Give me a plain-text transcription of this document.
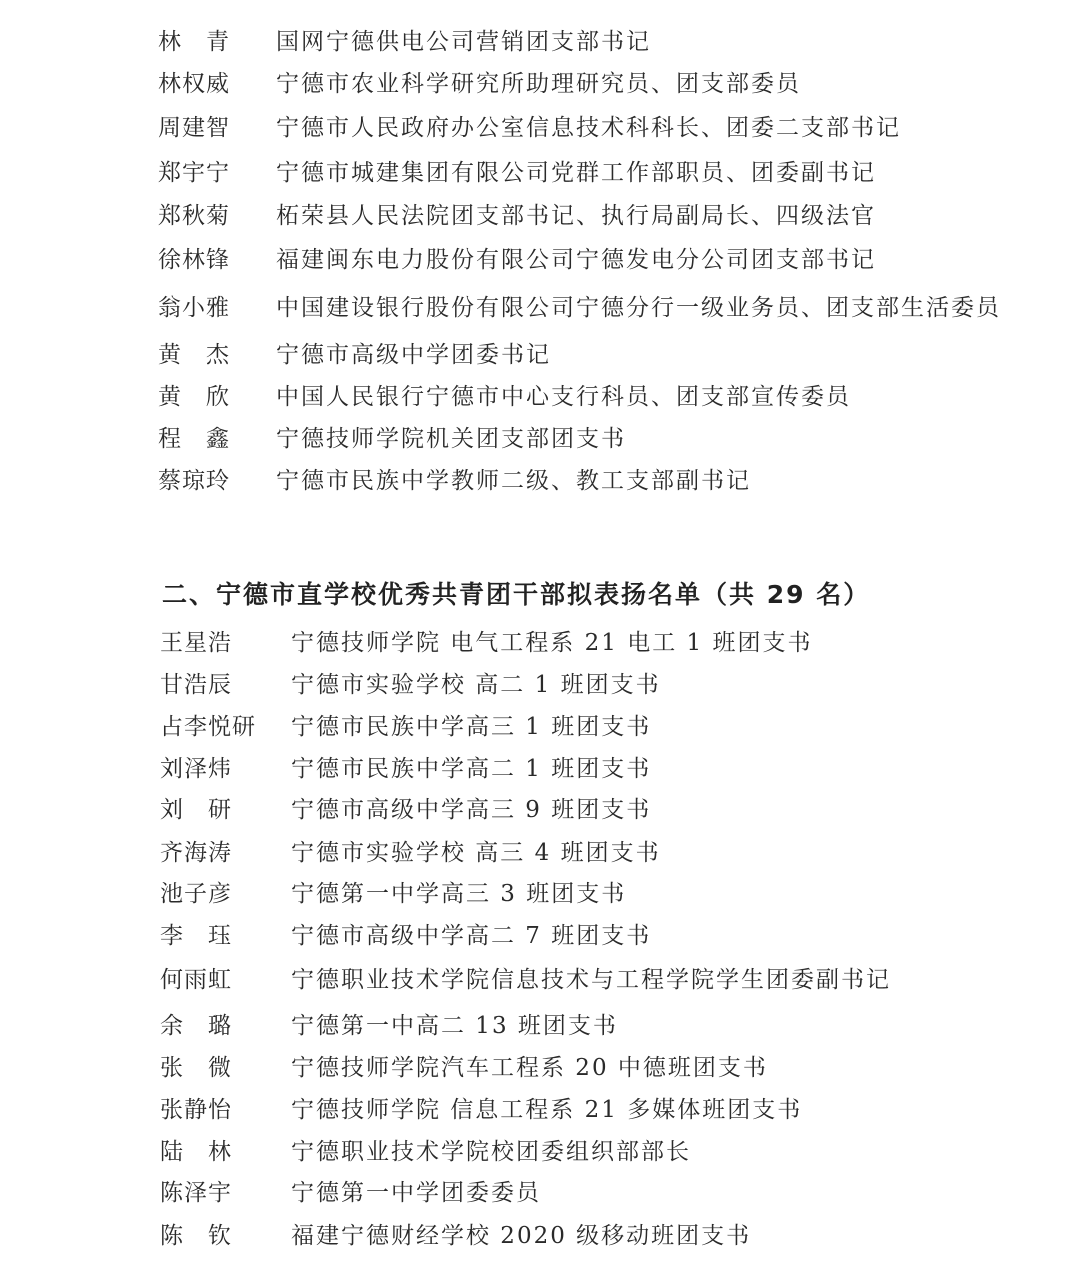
林　青 国网宁德供电公司营销团支部书记
林权威 宁德市农业科学研究所助理研究员、团支部委员
周建智 宁德市人民政府办公室信息技术科科长、团委二支部书记
郑宇宁 宁德市城建集团有限公司党群工作部职员、团委副书记
郑秋菊 柘荣县人民法院团支部书记、执行局副局长、四级法官
徐林锋 福建闽东电力股份有限公司宁德发电分公司团支部书记
翁小雅 中国建设银行股份有限公司宁德分行一级业务员、团支部生活委员
黄　杰 宁德市高级中学团委书记
黄　欣 中国人民银行宁德市中心支行科员、团支部宣传委员
程　鑫 宁德技师学院机关团支部团支书
蔡琼玲 宁德市民族中学教师二级、教工支部副书记
二、宁德市直学校优秀共青团干部拟表扬名单（共 29 名）
王星浩	宁德技师学院 电气工程系 21 电工 1 班团支书
甘浩辰	宁德市实验学校 高二 1 班团支书
占李悦研 宁德市民族中学高三 1 班团支书
刘泽炜	宁德市民族中学高二 1 班团支书
刘　研	宁德市高级中学高三 9 班团支书
齐海涛	宁德市实验学校 高三 4 班团支书
池子彦	宁德第一中学高三 3 班团支书
李　珏	宁德市高级中学高二 7 班团支书
何雨虹	宁德职业技术学院信息技术与工程学院学生团委副书记
余　璐	宁德第一中高二 13 班团支书
张　微	宁德技师学院汽车工程系 20 中德班团支书
张静怡	宁德技师学院 信息工程系 21 多媒体班团支书
陆　林	宁德职业技术学院校团委组织部部长
陈泽宇	宁德第一中学团委委员
陈　钦	福建宁德财经学校 2020 级移动班团支书
